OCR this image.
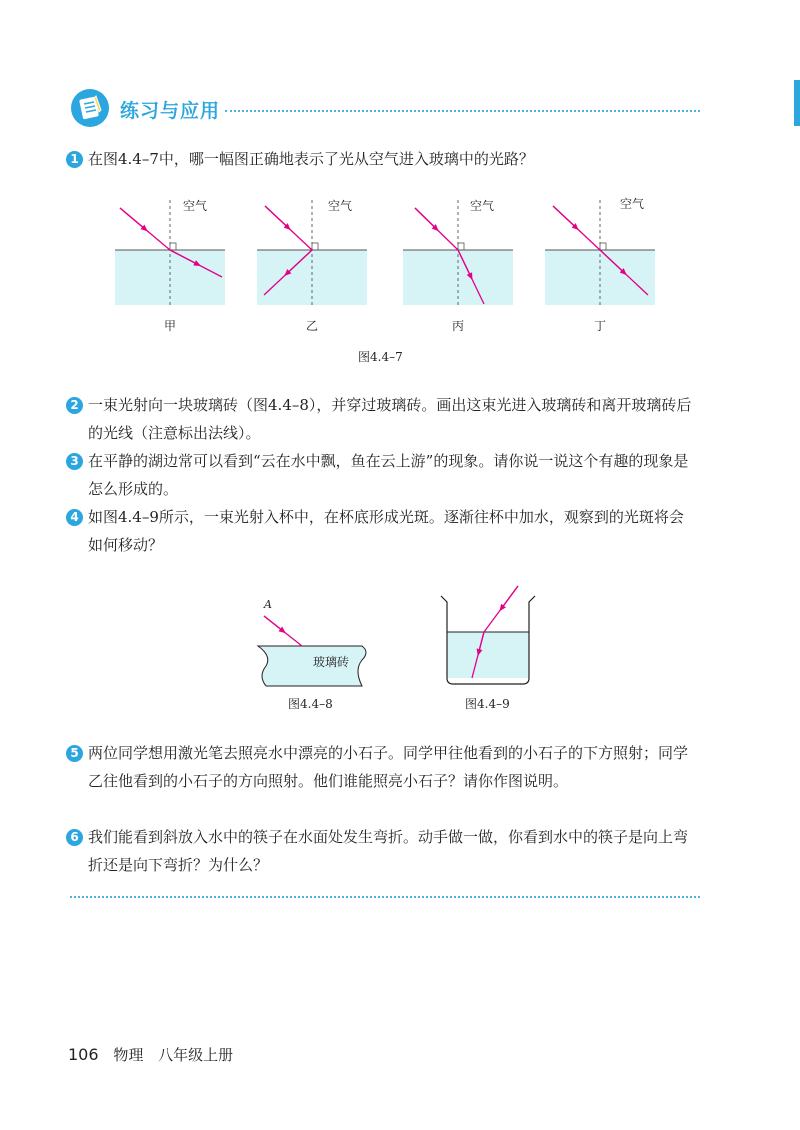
练习与应用
1 在图4.4–7中，哪一幅图正确地表示了光从空气进入玻璃中的光路？

空气
甲
空气
乙
空气
丙
空气
丁
图4.4–7
2 一束光射向一块玻璃砖（图4.4–8），并穿过玻璃砖。画出这束光进入玻璃砖和离开玻璃砖后的光线（注意标出法线）。

3 在平静的湖边常可以看到“云在水中飘，鱼在云上游”的现象。请你说一说这个有趣的现象是怎么形成的。

4 如图4.4–9所示，一束光射入杯中，在杯底形成光斑。逐渐往杯中加水，观察到的光斑将会如何移动？

A
玻璃砖
图4.4–8	图4.4–9
5 两位同学想用激光笔去照亮水中漂亮的小石子。同学甲往他看到的小石子的下方照射；同学乙往他看到的小石子的方向照射。他们谁能照亮小石子？请你作图说明。

6 我们能看到斜放入水中的筷子在水面处发生弯折。动手做一做，你看到水中的筷子是向上弯折还是向下弯折？为什么？

106 物理 八年级上册
